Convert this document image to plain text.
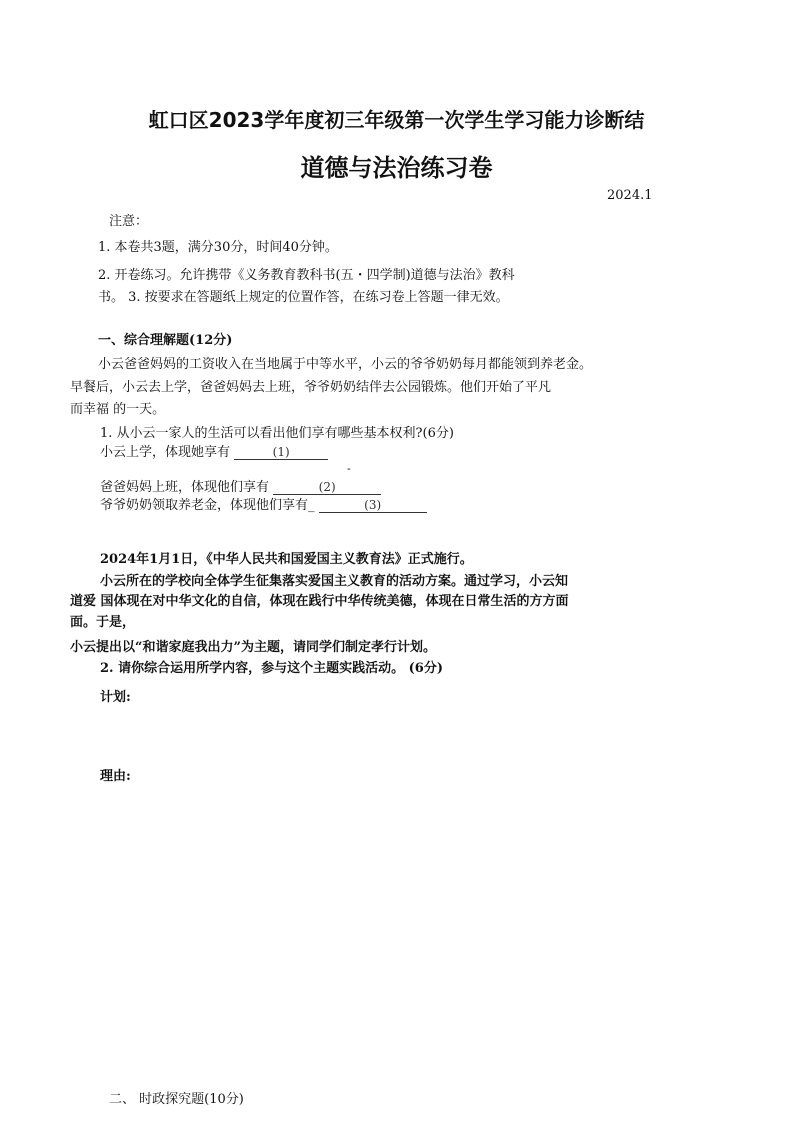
虹口区2023学年度初三年级第一次学生学习能力诊断结
道德与法治练习卷
2024.1
注意：
1. 本卷共3题，满分30分，时间40分钟。
2. 开卷练习。允许携带《义务教育教科书(五・四学制)道德与法治》教科
书。 3. 按要求在答题纸上规定的位置作答，在练习卷上答题一律无效。
一、综合理解题(12分)
小云爸爸妈妈的工资收入在当地属于中等水平，小云的爷爷奶奶每月都能领到养老金。
早餐后，小云去上学，爸爸妈妈去上班，爷爷奶奶结伴去公园锻炼。他们开始了平凡
而幸福 的一天。
1. 从小云一家人的生活可以看出他们享有哪些基本权利?(6分)
小云上学，体现她享有	(1)
-
爸爸妈妈上班，体现他们享有	(2)
爷爷奶奶领取养老金，体现他们享有_	(3)
2024年1月1日，《中华人民共和国爱国主义教育法》正式施行。
小云所在的学校向全体学生征集落实爱国主义教育的活动方案。通过学习，小云知
道爱 国体现在对中华文化的自信，体现在践行中华传统美德，体现在日常生活的方方面
面。于是，
小云提出以“和谐家庭我出力”为主题，请同学们制定孝行计划。
2. 请你综合运用所学内容，参与这个主题实践活动。 (6分)
计划:
理由:
二、 时政探究题(10分)
